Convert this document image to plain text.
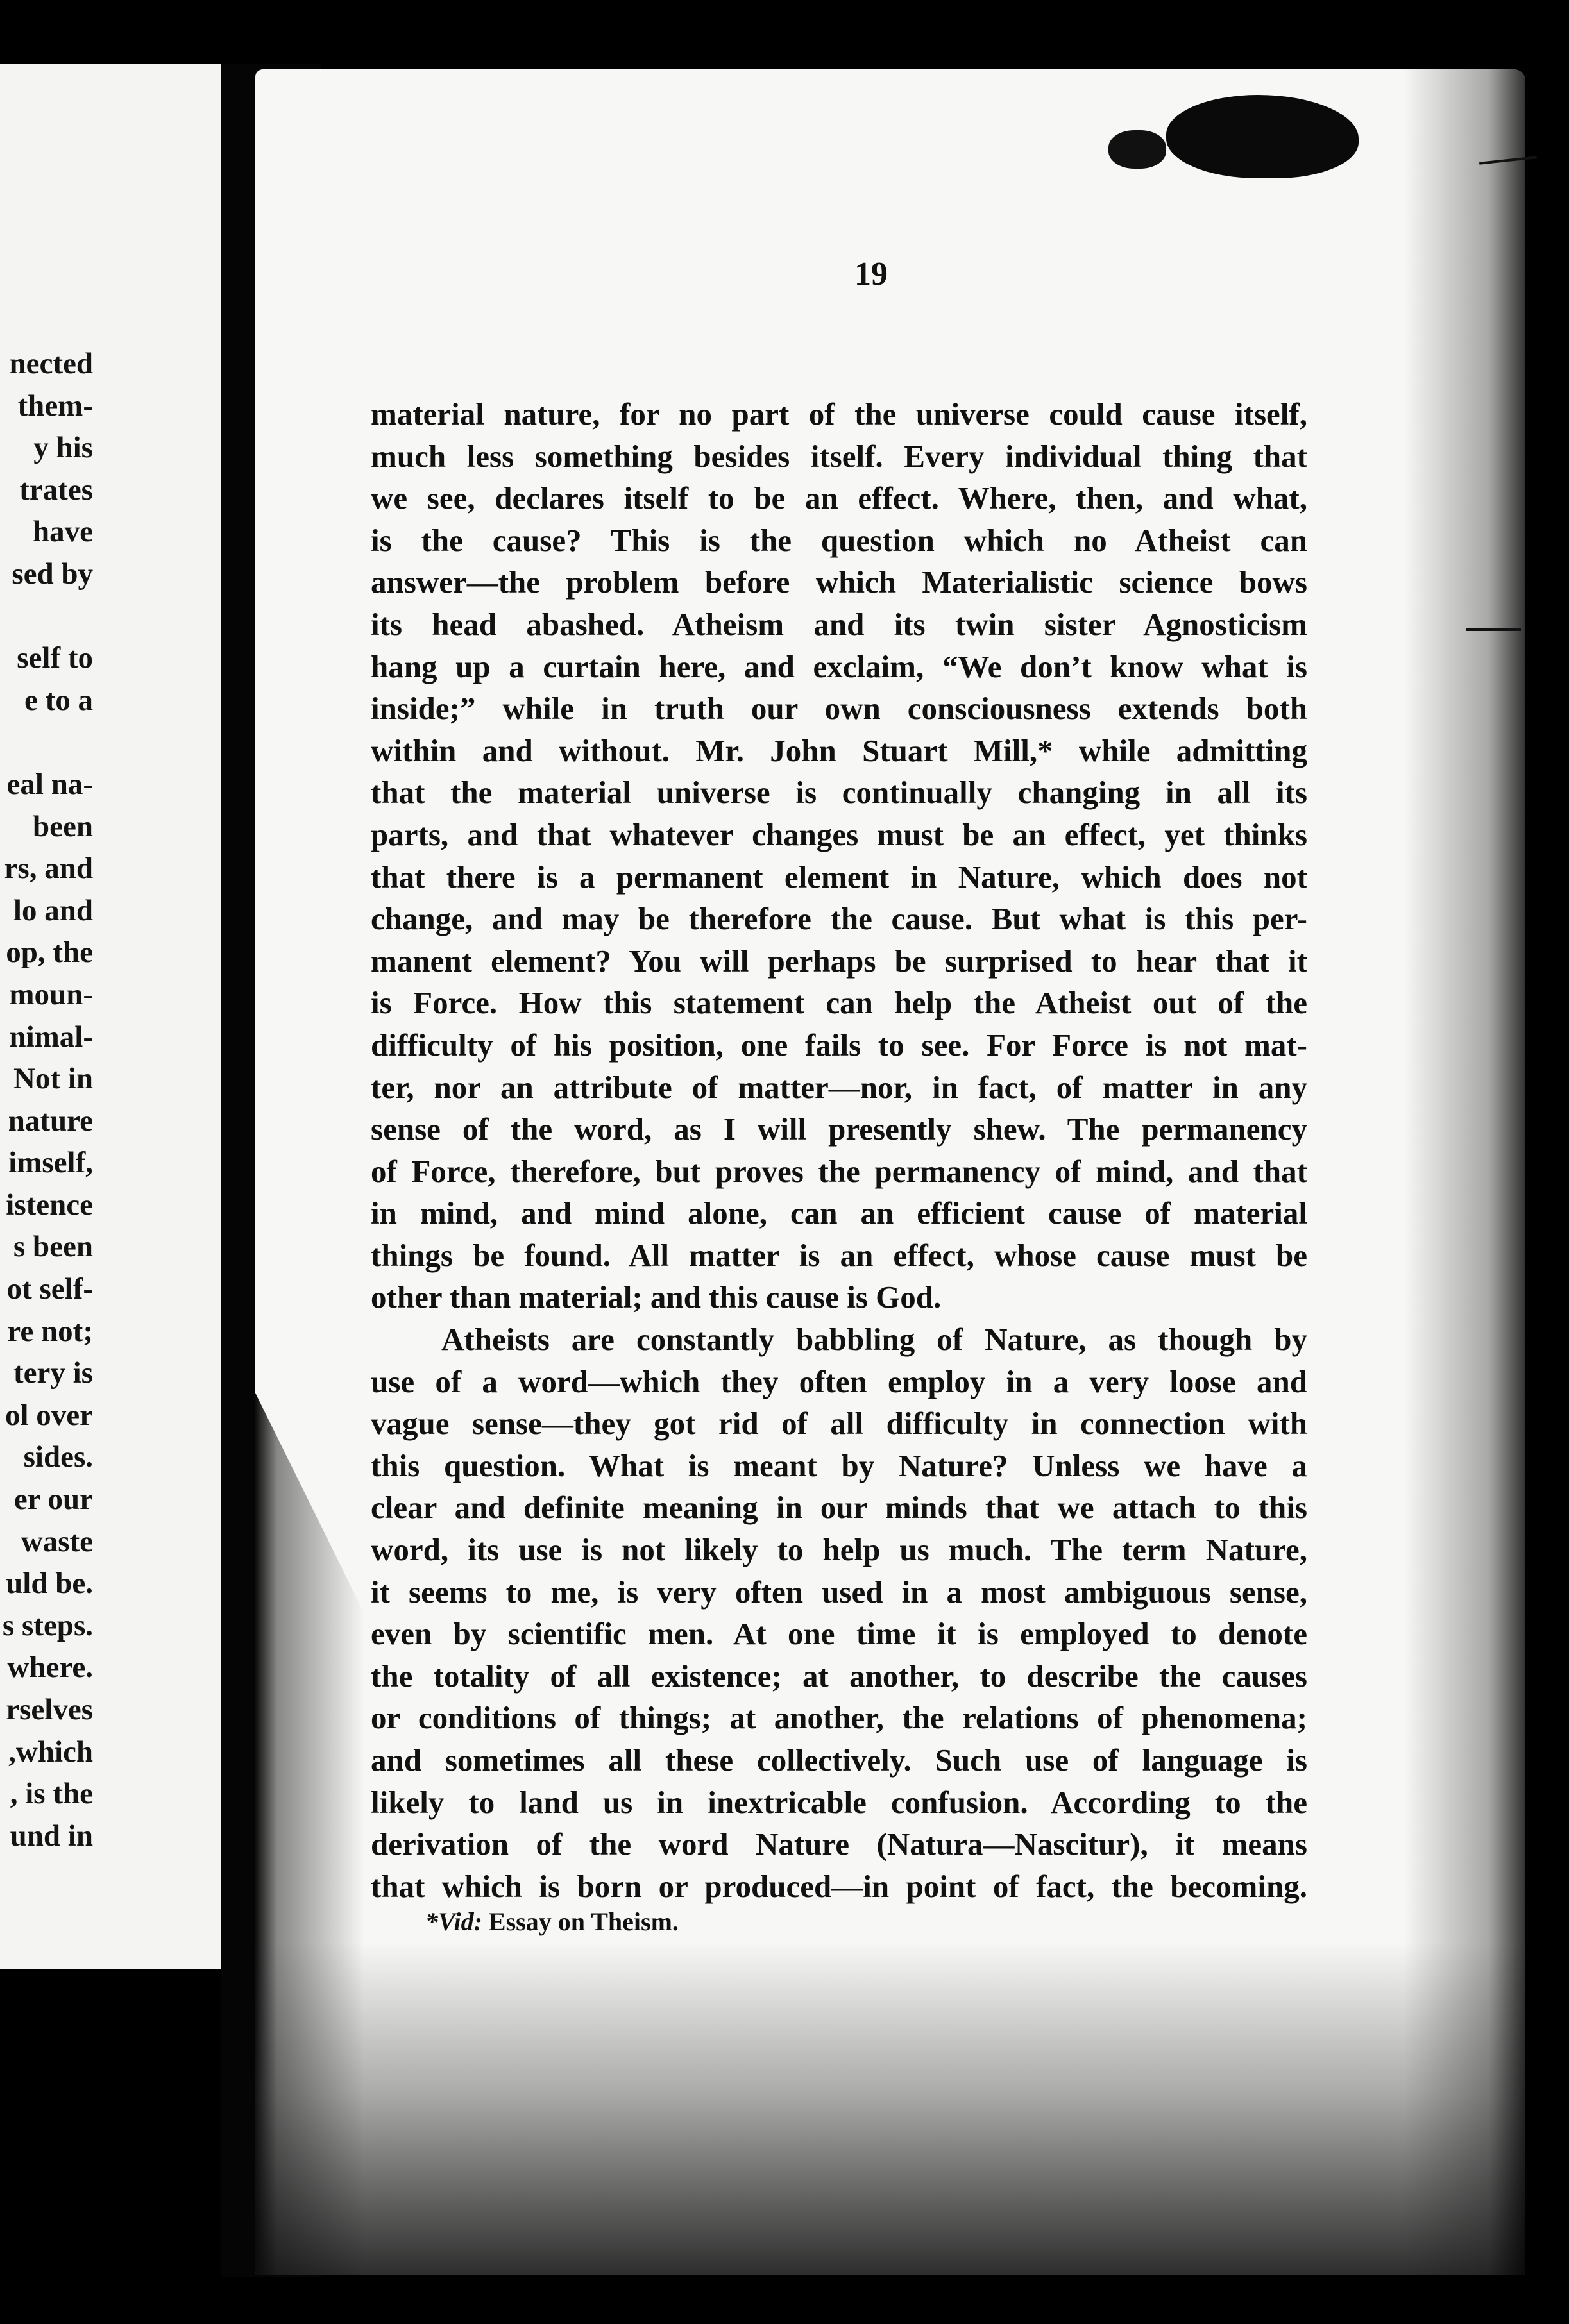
nected
them-
y his
trates
have
sed by
self to
e to a
eal na-
been
rs, and
lo and
op, the
moun-
nimal-
Not in
nature
imself,
istence
s been
ot self-
re not;
tery is
ol over
sides.
er our
waste
uld be.
s steps.
where.
rselves
,which
, is the
und in
19
material nature, for no part of the universe could cause itself,
much less something besides itself. Every individual thing that
we see, declares itself to be an effect. Where, then, and what,
is the cause? This is the question which no Atheist can
answer—the problem before which Materialistic science bows
its head abashed. Atheism and its twin sister Agnosticism
hang up a curtain here, and exclaim, “We don’t know what is
inside;” while in truth our own consciousness extends both
within and without. Mr. John Stuart Mill,* while admitting
that the material universe is continually changing in all its
parts, and that whatever changes must be an effect, yet thinks
that there is a permanent element in Nature, which does not
change, and may be therefore the cause. But what is this per-
manent element? You will perhaps be surprised to hear that it
is Force. How this statement can help the Atheist out of the
difficulty of his position, one fails to see. For Force is not mat-
ter, nor an attribute of matter—nor, in fact, of matter in any
sense of the word, as I will presently shew. The permanency
of Force, therefore, but proves the permanency of mind, and that
in mind, and mind alone, can an efficient cause of material
things be found. All matter is an effect, whose cause must be
other than material; and this cause is God.
Atheists are constantly babbling of Nature, as though by
use of a word—which they often employ in a very loose and
vague sense—they got rid of all difficulty in connection with
this question. What is meant by Nature? Unless we have a
clear and definite meaning in our minds that we attach to this
word, its use is not likely to help us much. The term Nature,
it seems to me, is very often used in a most ambiguous sense,
even by scientific men. At one time it is employed to denote
the totality of all existence; at another, to describe the causes
or conditions of things; at another, the relations of phenomena;
and sometimes all these collectively. Such use of language is
likely to land us in inextricable confusion. According to the
derivation of the word Nature (Natura—Nascitur), it means
that which is born or produced—in point of fact, the becoming.
*Vid: Essay on Theism.
